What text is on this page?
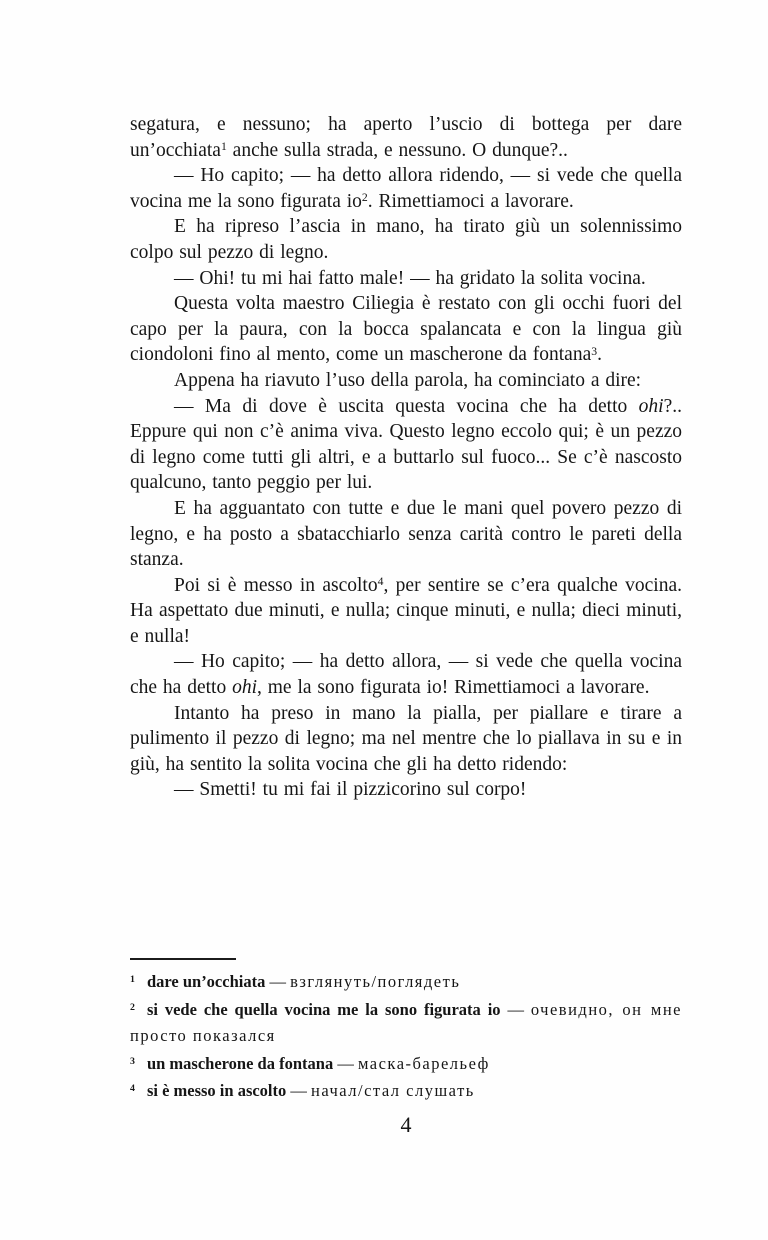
segatura, e nessuno; ha aperto l’uscio di bottega per dare un’occhiata$^1$ anche sulla strada, e nessuno. O dunque?..

— Ho capito; — ha detto allora ridendo, — si vede che quella vocina me la sono figurata $io^2$. Rimettiamoci a lavorare.

E ha ripreso l’ascia in mano, ha tirato giù un solennissimo colpo sul pezzo di legno.

— Ohi! tu mi hai fatto male! — ha gridato la solita vocina.

Questa volta maestro Ciliegia è restato con gli occhi fuori del capo per la paura, con la bocca spalancata e con la lingua giù ciondoloni fino al mento, come un mascherone da fontana$^3$.

Appena ha riavuto l’uso della parola, ha cominciato a dire:

— Ma di dove è uscita questa vocina che ha detto ohi?.. Eppure qui non c’è anima viva. Questo legno eccolo qui; è un pezzo di legno come tutti gli altri, e a buttarlo sul fuoco... Se c’è nascosto qualcuno, tanto peggio per lui.

E ha agguantato con tutte e due le mani quel povero pezzo di legno, e ha posto a sbatacchiarlo senza carità contro le pareti della stanza.

Poi si è messo in ascolto$^4$, per sentire se c’era qualche vocina. Ha aspettato due minuti, e nulla; cinque minuti, e nulla; dieci minuti, e nulla!

— Ho capito; — ha detto allora, — si vede che quella vocina che ha detto ohi, me la sono figurata io! Rimettiamoci a lavorare.

Intanto ha preso in mano la pialla, per piallare e tirare a pulimento il pezzo di legno; ma nel mentre che lo piallava in su e in giù, ha sentito la solita vocina che gli ha detto ridendo:

— Smetti! tu mi fai il pizzicorino sul corpo!

$^1$ dare un’occhiata — взглянуть/поглядеть
$^2$ si vede che quella vocina me la sono figurata io — очевидно, он мне просто показался
$^3$ un mascherone da fontana — маска-барельеф
$^4$ si è messo in ascolto — начал/стал слушать
4
